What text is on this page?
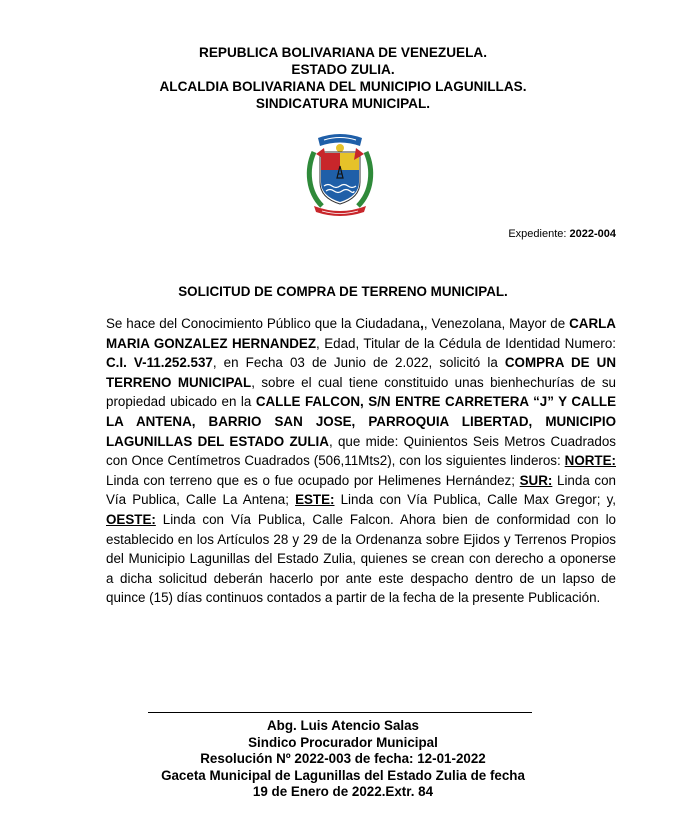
REPUBLICA BOLIVARIANA DE VENEZUELA.
ESTADO ZULIA.
ALCALDIA BOLIVARIANA DEL MUNICIPIO LAGUNILLAS.
SINDICATURA MUNICIPAL.
Expediente: 2022-004
SOLICITUD DE COMPRA DE TERRENO MUNICIPAL.
Se hace del Conocimiento Público que la Ciudadana,, Venezolana, Mayor de CARLA MARIA GONZALEZ HERNANDEZ, Edad, Titular de la Cédula de Identidad Numero: C.I. V-11.252.537, en Fecha 03 de Junio de 2.022, solicitó la COMPRA DE UN TERRENO MUNICIPAL, sobre el cual tiene constituido unas bienhechurías de su propiedad ubicado en la CALLE FALCON, S/N ENTRE CARRETERA “J” Y CALLE LA ANTENA, BARRIO SAN JOSE, PARROQUIA LIBERTAD, MUNICIPIO LAGUNILLAS DEL ESTADO ZULIA, que mide: Quinientos Seis Metros Cuadrados con Once Centímetros Cuadrados (506,11Mts2), con los siguientes linderos: NORTE: Linda con terreno que es o fue ocupado por Helimenes Hernández; SUR: Linda con Vía Publica, Calle La Antena; ESTE: Linda con Vía Publica, Calle Max Gregor; y, OESTE: Linda con Vía Publica, Calle Falcon. Ahora bien de conformidad con lo establecido en los Artículos 28 y 29 de la Ordenanza sobre Ejidos y Terrenos Propios del Municipio Lagunillas del Estado Zulia, quienes se crean con derecho a oponerse a dicha solicitud deberán hacerlo por ante este despacho dentro de un lapso de quince (15) días continuos contados a partir de la fecha de la presente Publicación.
Abg. Luis Atencio Salas
Sindico Procurador Municipal
Resolución Nº 2022-003 de fecha: 12-01-2022
Gaceta Municipal de Lagunillas del Estado Zulia de fecha
19 de Enero de 2022.Extr. 84
